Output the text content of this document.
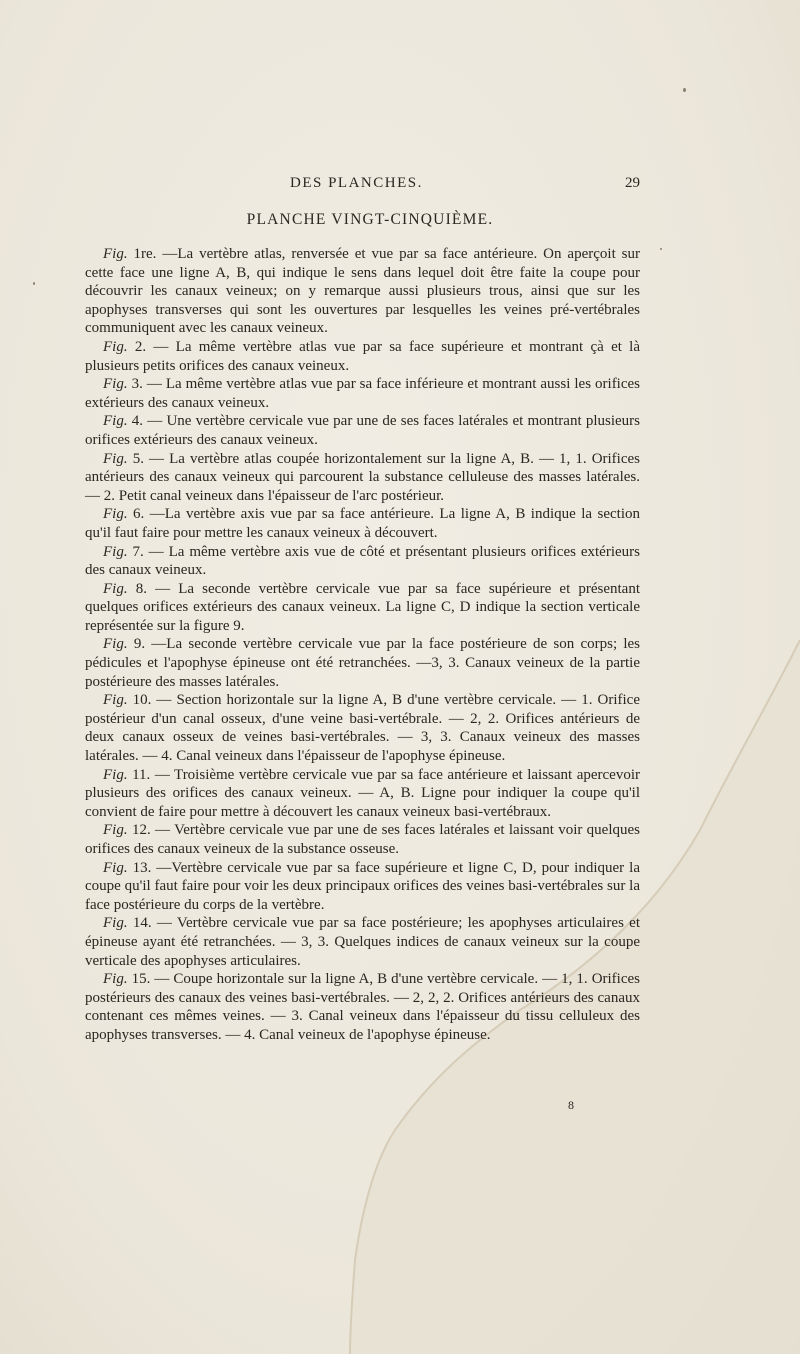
DES PLANCHES.	29
PLANCHE VINGT-CINQUIÈME.

Fig. 1re. —La vertèbre atlas, renversée et vue par sa face antérieure. On aperçoit sur cette face une ligne A, B, qui indique le sens dans lequel doit être faite la coupe pour découvrir les canaux veineux; on y remarque aussi plusieurs trous, ainsi que sur les apophyses transverses qui sont les ouvertures par lesquelles les veines pré-vertébrales communiquent avec les canaux veineux.

Fig. 2. — La même vertèbre atlas vue par sa face supérieure et montrant çà et là plusieurs petits orifices des canaux veineux.

Fig. 3. — La même vertèbre atlas vue par sa face inférieure et montrant aussi les orifices extérieurs des canaux veineux.

Fig. 4. — Une vertèbre cervicale vue par une de ses faces latérales et montrant plusieurs orifices extérieurs des canaux veineux.

Fig. 5. — La vertèbre atlas coupée horizontalement sur la ligne A, B. — 1, 1. Orifices antérieurs des canaux veineux qui parcourent la substance celluleuse des masses latérales. — 2. Petit canal veineux dans l'épaisseur de l'arc postérieur.

Fig. 6. —La vertèbre axis vue par sa face antérieure. La ligne A, B indique la section qu'il faut faire pour mettre les canaux veineux à découvert.

Fig. 7. — La même vertèbre axis vue de côté et présentant plusieurs orifices extérieurs des canaux veineux.

Fig. 8. — La seconde vertèbre cervicale vue par sa face supérieure et présentant quelques orifices extérieurs des canaux veineux. La ligne C, D indique la section verticale représentée sur la figure 9.

Fig. 9. —La seconde vertèbre cervicale vue par la face postérieure de son corps; les pédicules et l'apophyse épineuse ont été retranchées. —3, 3. Canaux veineux de la partie postérieure des masses latérales.

Fig. 10. — Section horizontale sur la ligne A, B d'une vertèbre cervicale. — 1. Orifice postérieur d'un canal osseux, d'une veine basi-vertébrale. — 2, 2. Orifices antérieurs de deux canaux osseux de veines basi-vertébrales. — 3, 3. Canaux veineux des masses latérales. — 4. Canal veineux dans l'épaisseur de l'apophyse épineuse.

Fig. 11. — Troisième vertèbre cervicale vue par sa face antérieure et laissant apercevoir plusieurs des orifices des canaux veineux. — A, B. Ligne pour indiquer la coupe qu'il convient de faire pour mettre à découvert les canaux veineux basi-vertébraux.

Fig. 12. — Vertèbre cervicale vue par une de ses faces latérales et laissant voir quelques orifices des canaux veineux de la substance osseuse.

Fig. 13. —Vertèbre cervicale vue par sa face supérieure et ligne C, D, pour indiquer la coupe qu'il faut faire pour voir les deux principaux orifices des veines basi-vertébrales sur la face postérieure du corps de la vertèbre.

Fig. 14. — Vertèbre cervicale vue par sa face postérieure; les apophyses articulaires et épineuse ayant été retranchées. — 3, 3. Quelques indices de canaux veineux sur la coupe verticale des apophyses articulaires.

Fig. 15. — Coupe horizontale sur la ligne A, B d'une vertèbre cervicale. — 1, 1. Orifices postérieurs des canaux des veines basi-vertébrales. — 2, 2, 2. Orifices antérieurs des canaux contenant ces mêmes veines. — 3. Canal veineux dans l'épaisseur du tissu celluleux des apophyses transverses. — 4. Canal veineux de l'apophyse épineuse.

8
